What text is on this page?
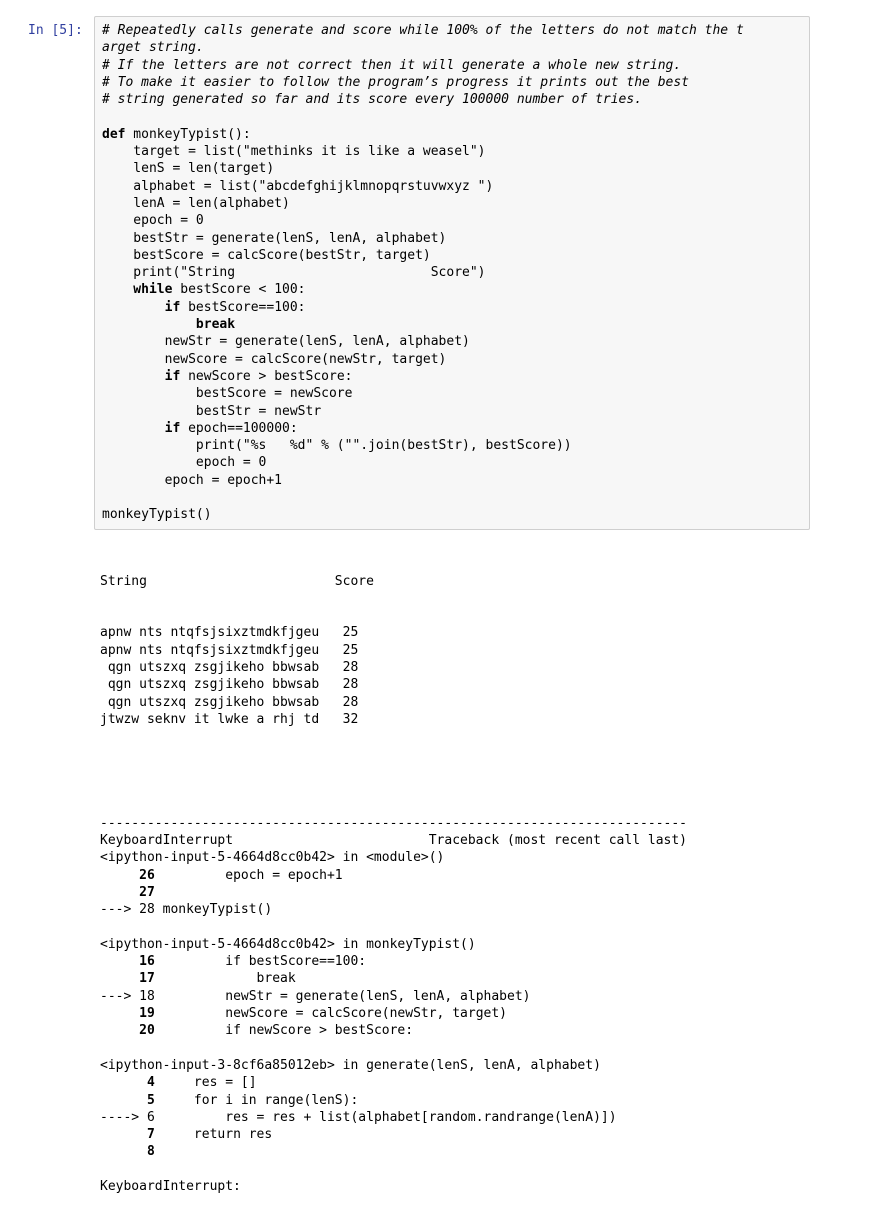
In [5]: # Repeatedly calls generate and score while 100% of the letters do not match the t
arget string.
# If the letters are not correct then it will generate a whole new string.
# To make it easier to follow the program’s progress it prints out the best
# string generated so far and its score every 100000 number of tries.
def monkeyTypist():
target = list("methinks it is like a weasel")
lenS = len(target)
alphabet = list("abcdefghijklmnopqrstuvwxyz ")
lenA = len(alphabet)
epoch = 0
bestStr = generate(lenS, lenA, alphabet)
bestScore = calcScore(bestStr, target)
print("String                         Score")
while bestScore < 100:
if bestScore==100:
break
newStr = generate(lenS, lenA, alphabet)
newScore = calcScore(newStr, target)
if newScore > bestScore:
bestScore = newScore
bestStr = newStr
if epoch==100000:
print("%s   %d" % ("".join(bestStr), bestScore))
epoch = 0
epoch = epoch+1
monkeyTypist()

String                        Score

apnw nts ntqfsjsixztmdkfjgeu   25
apnw nts ntqfsjsixztmdkfjgeu   25
qgn utszxq zsgjikeho bbwsab   28
qgn utszxq zsgjikeho bbwsab   28
qgn utszxq zsgjikeho bbwsab   28
jtwzw seknv it lwke a rhj td   32

---------------------------------------------------------------------------
KeyboardInterrupt                         Traceback (most recent call last)
<ipython-input-5-4664d8cc0b42> in <module>()
26         epoch = epoch+1
27
---> 28 monkeyTypist()
<ipython-input-5-4664d8cc0b42> in monkeyTypist()
16         if bestScore==100:
17             break
---> 18         newStr = generate(lenS, lenA, alphabet)
19         newScore = calcScore(newStr, target)
20         if newScore > bestScore:
<ipython-input-3-8cf6a85012eb> in generate(lenS, lenA, alphabet)
4     res = []
5     for i in range(lenS):
----> 6         res = res + list(alphabet[random.randrange(lenA)])
7     return res
8
KeyboardInterrupt:
